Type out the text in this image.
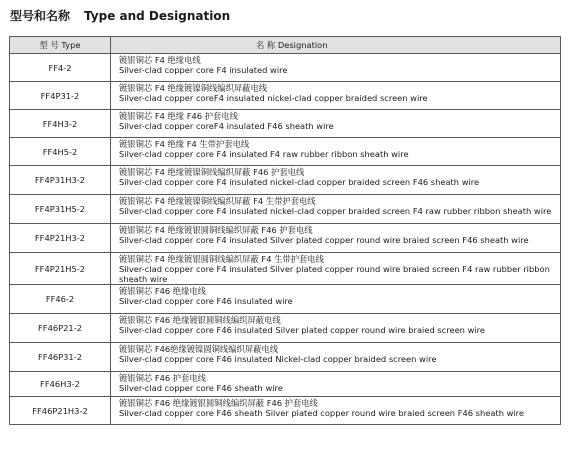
型号和名称 Type and Designation
型 号 Type	名 称 Designation
FF4-2	镀银铜芯 F4 绝缘电线
Silver-clad copper core F4 insulated wire

FF4P31-2	镀银铜芯 F4 绝缘镀镍铜线编织屏蔽电线
Silver-clad copper coreF4 insulated nickel-clad copper braided screen wire

FF4H3-2	镀银铜芯 F4 绝缘 F46 护套电线
Silver-clad copper coreF4 insulated F46 sheath wire

FF4H5-2	镀银铜芯 F4 绝缘 F4 生带护套电线
Silver-clad copper core F4 insulated F4 raw rubber ribbon sheath wire

FF4P31H3-2	镀银铜芯 F4 绝缘镀镍铜线编织屏蔽 F46 护套电线
Silver-clad copper core F4 insulated nickel-clad copper braided screen F46 sheath wire

FF4P31H5-2	镀银铜芯 F4 绝缘镀镍铜线编织屏蔽 F4 生带护套电线
Silver-clad copper core F4 insulated nickel-clad copper braided screen F4 raw rubber ribbon sheath wire

FF4P21H3-2	镀银铜芯 F4 绝缘镀银圆铜线编织屏蔽 F46 护套电线
Silver-clad copper core F4 insulated Silver plated copper round wire braied screen F46 sheath wire

FF4P21H5-2	镀银铜芯 F4 绝缘镀银圆铜线编织屏蔽 F4 生带护套电线
Silver-clad copper core F4 insulated Silver plated copper round wire braied screen F4 raw rubber ribbon sheath wire

FF46-2	镀银铜芯 F46 绝缘电线
Silver-clad copper core F46 insulated wire

FF46P21-2	镀银铜芯 F46 绝缘镀银圆铜线编织屏蔽电线
Silver-clad copper core F46 insulated Silver plated copper round wire braied screen wire

FF46P31-2	镀银铜芯 F46绝缘镀镍圆铜线编织屏蔽电线
Silver-clad copper core F46 insulated Nickel-clad copper braided screen wire

FF46H3-2	镀银铜芯 F46 护套电线
Silver-clad copper core F46 sheath wire

FF46P21H3-2	镀银铜芯 F46 绝缘镀银圆铜线编织屏蔽 F46 护套电线
Silver-clad copper core F46 sheath Silver plated copper round wire braied screen F46 sheath wire
